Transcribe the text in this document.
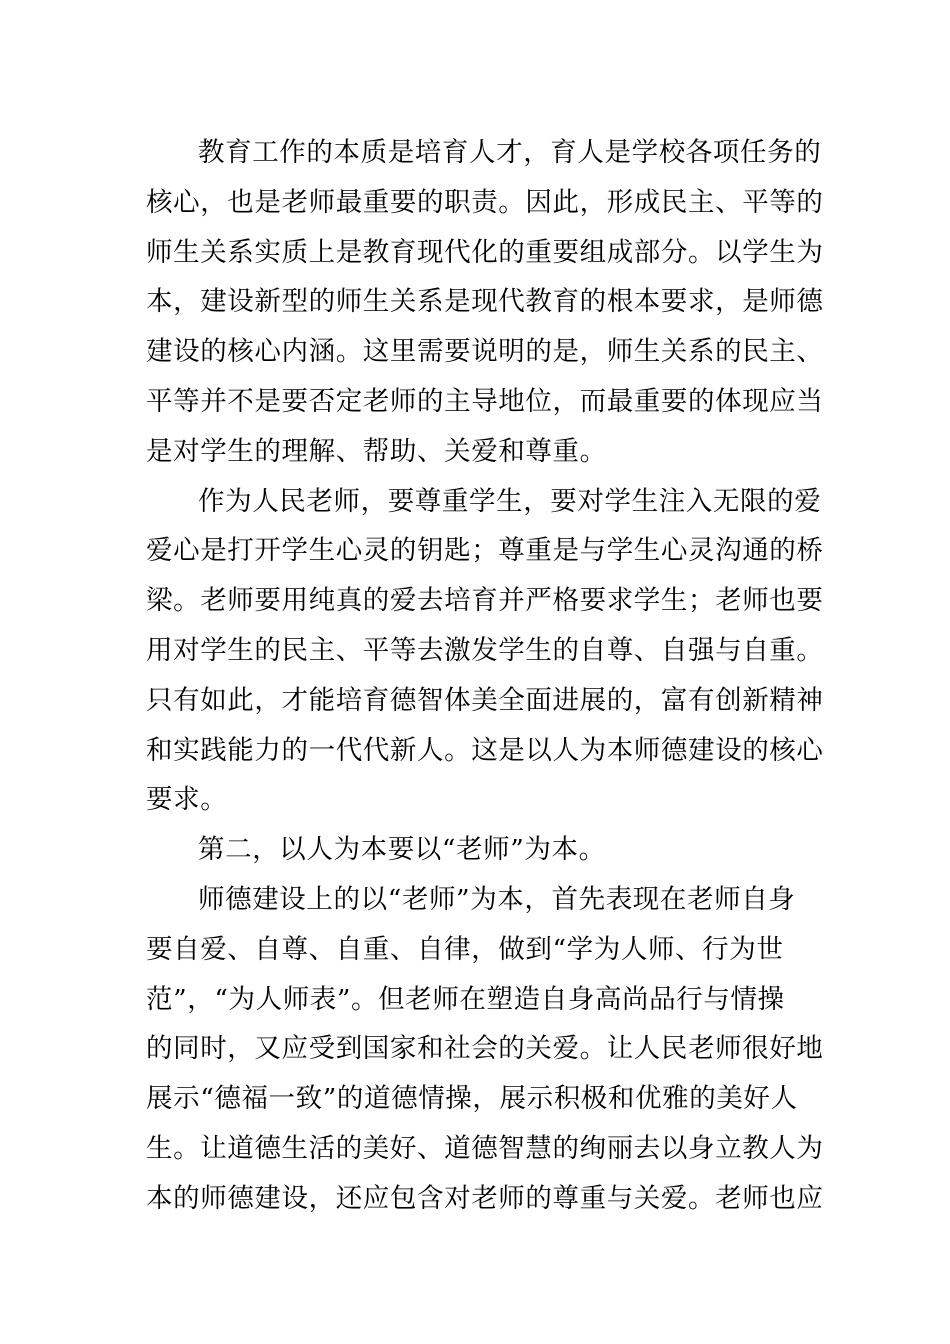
教育工作的本质是培育人才，育人是学校各项任务的
核心，也是老师最重要的职责。因此，形成民主、平等的
师生关系实质上是教育现代化的重要组成部分。以学生为
本，建设新型的师生关系是现代教育的根本要求，是师德
建设的核心内涵。这里需要说明的是，师生关系的民主、
平等并不是要否定老师的主导地位，而最重要的体现应当
是对学生的理解、帮助、关爱和尊重。
作为人民老师，要尊重学生，要对学生注入无限的爱
爱心是打开学生心灵的钥匙；尊重是与学生心灵沟通的桥
梁。老师要用纯真的爱去培育并严格要求学生；老师也要
用对学生的民主、平等去激发学生的自尊、自强与自重。
只有如此，才能培育德智体美全面进展的，富有创新精神
和实践能力的一代代新人。这是以人为本师德建设的核心
要求。
第二，以人为本要以“老师”为本。
师德建设上的以“老师”为本，首先表现在老师自身
要自爱、自尊、自重、自律，做到“学为人师、行为世
范”，“为人师表”。但老师在塑造自身高尚品行与情操
的同时，又应受到国家和社会的关爱。让人民老师很好地
展示“德福一致”的道德情操，展示积极和优雅的美好人
生。让道德生活的美好、道德智慧的绚丽去以身立教人为
本的师德建设，还应包含对老师的尊重与关爱。老师也应
